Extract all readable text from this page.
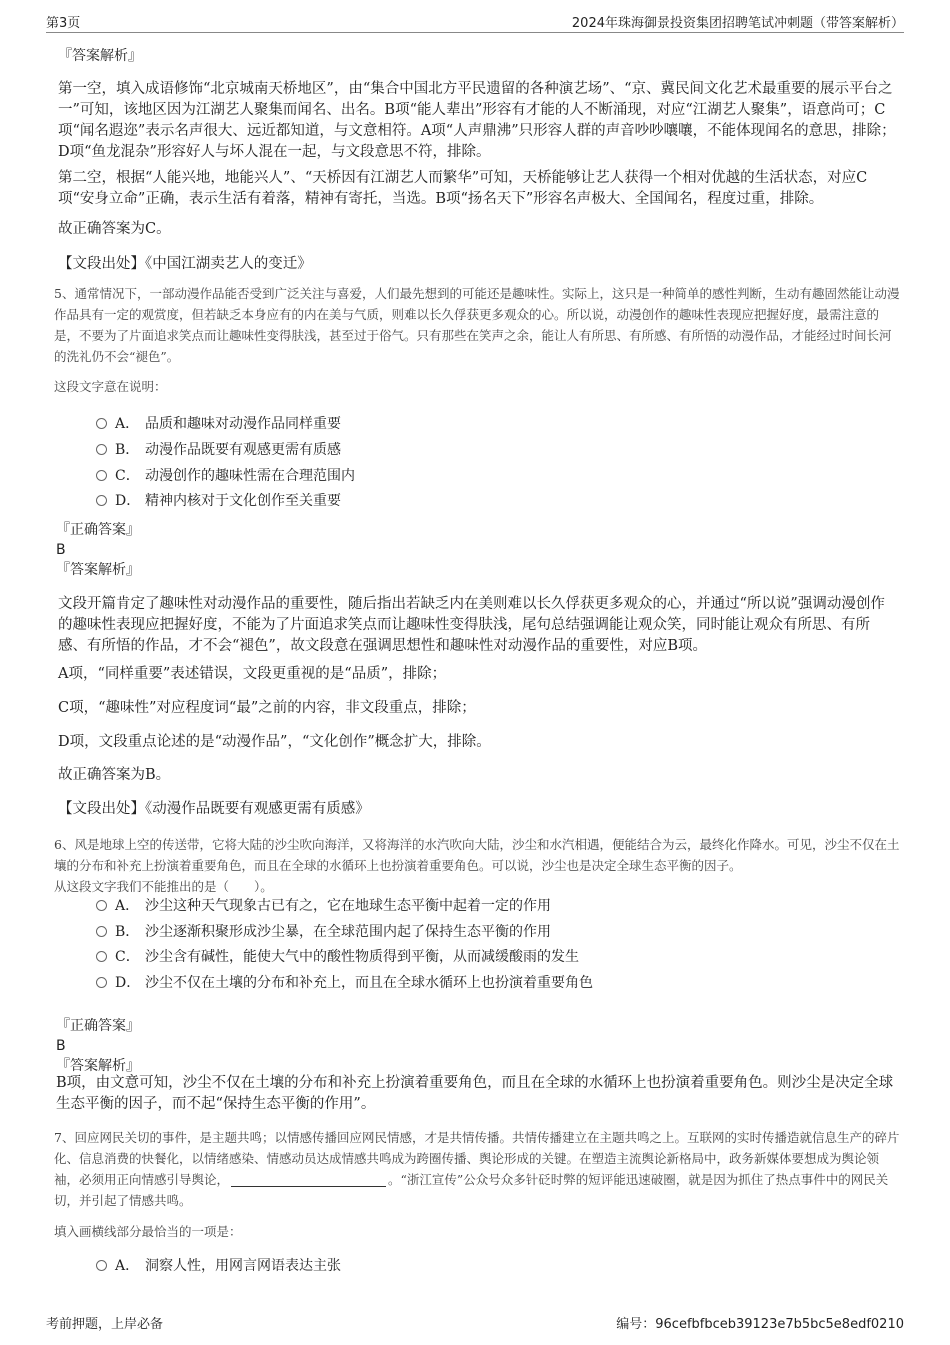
第3页	2024年珠海御景投资集团招聘笔试冲刺题（带答案解析）

『答案解析』

第一空，填入成语修饰“北京城南天桥地区”，由“集合中国北方平民遗留的各种演艺场”、“京、冀民间文化艺术最重要的展示平台之一”可知，该地区因为江湖艺人聚集而闻名、出名。B项“能人辈出”形容有才能的人不断涌现，对应“江湖艺人聚集”，语意尚可；C项“闻名遐迩”表示名声很大、远近都知道，与文意相符。A项“人声鼎沸”只形容人群的声音吵吵嚷嚷，不能体现闻名的意思，排除；D项“鱼龙混杂”形容好人与坏人混在一起，与文段意思不符，排除。

第二空，根据“人能兴地，地能兴人”、“天桥因有江湖艺人而繁华”可知，天桥能够让艺人获得一个相对优越的生活状态，对应C项“安身立命”正确，表示生活有着落，精神有寄托，当选。B项“扬名天下”形容名声极大、全国闻名，程度过重，排除。

故正确答案为C。

【文段出处】《中国江湖卖艺人的变迁》

5、通常情况下，一部动漫作品能否受到广泛关注与喜爱，人们最先想到的可能还是趣味性。实际上，这只是一种简单的感性判断，生动有趣固然能让动漫作品具有一定的观赏度，但若缺乏本身应有的内在美与气质，则难以长久俘获更多观众的心。所以说，动漫创作的趣味性表现应把握好度，最需注意的是，不要为了片面追求笑点而让趣味性变得肤浅，甚至过于俗气。只有那些在笑声之余，能让人有所思、有所感、有所悟的动漫作品，才能经过时间长河的洗礼仍不会“褪色”。

这段文字意在说明：

A． 品质和趣味对动漫作品同样重要
B． 动漫作品既要有观感更需有质感
C． 动漫创作的趣味性需在合理范围内
D． 精神内核对于文化创作至关重要

『正确答案』

B

『答案解析』

文段开篇肯定了趣味性对动漫作品的重要性，随后指出若缺乏内在美则难以长久俘获更多观众的心，并通过“所以说”强调动漫创作的趣味性表现应把握好度，不能为了片面追求笑点而让趣味性变得肤浅，尾句总结强调能让观众笑，同时能让观众有所思、有所感、有所悟的作品，才不会“褪色”，故文段意在强调思想性和趣味性对动漫作品的重要性，对应B项。

A项，“同样重要”表述错误，文段更重视的是“品质”，排除；

C项，“趣味性”对应程度词“最”之前的内容，非文段重点，排除；

D项，文段重点论述的是“动漫作品”，“文化创作”概念扩大，排除。

故正确答案为B。

【文段出处】《动漫作品既要有观感更需有质感》

6、风是地球上空的传送带，它将大陆的沙尘吹向海洋，又将海洋的水汽吹向大陆，沙尘和水汽相遇，便能结合为云，最终化作降水。可见，沙尘不仅在土壤的分布和补充上扮演着重要角色，而且在全球的水循环上也扮演着重要角色。可以说，沙尘也是决定全球生态平衡的因子。

从这段文字我们不能推出的是（　　）。

A． 沙尘这种天气现象古已有之，它在地球生态平衡中起着一定的作用
B． 沙尘逐渐积聚形成沙尘暴，在全球范围内起了保持生态平衡的作用
C． 沙尘含有碱性，能使大气中的酸性物质得到平衡，从而减缓酸雨的发生
D． 沙尘不仅在土壤的分布和补充上，而且在全球水循环上也扮演着重要角色

『正确答案』

B

『答案解析』

B项，由文意可知，沙尘不仅在土壤的分布和补充上扮演着重要角色，而且在全球的水循环上也扮演着重要角色。则沙尘是决定全球生态平衡的因子，而不起“保持生态平衡的作用”。

7、回应网民关切的事件，是主题共鸣；以情感传播回应网民情感，才是共情传播。共情传播建立在主题共鸣之上。互联网的实时传播造就信息生产的碎片化、信息消费的快餐化，以情绪感染、情感动员达成情感共鸣成为跨圈传播、舆论形成的关键。在塑造主流舆论新格局中，政务新媒体要想成为舆论领袖，必须用正向情感引导舆论，	。“浙江宣传”公众号众多针砭时弊的短评能迅速破圈，就是因为抓住了热点事件中的网民关切，并引起了情感共鸣。

填入画横线部分最恰当的一项是：

A． 洞察人性，用网言网语表达主张
考前押题，上岸必备	编号：96cefbfbceb39123e7b5bc5e8edf0210
